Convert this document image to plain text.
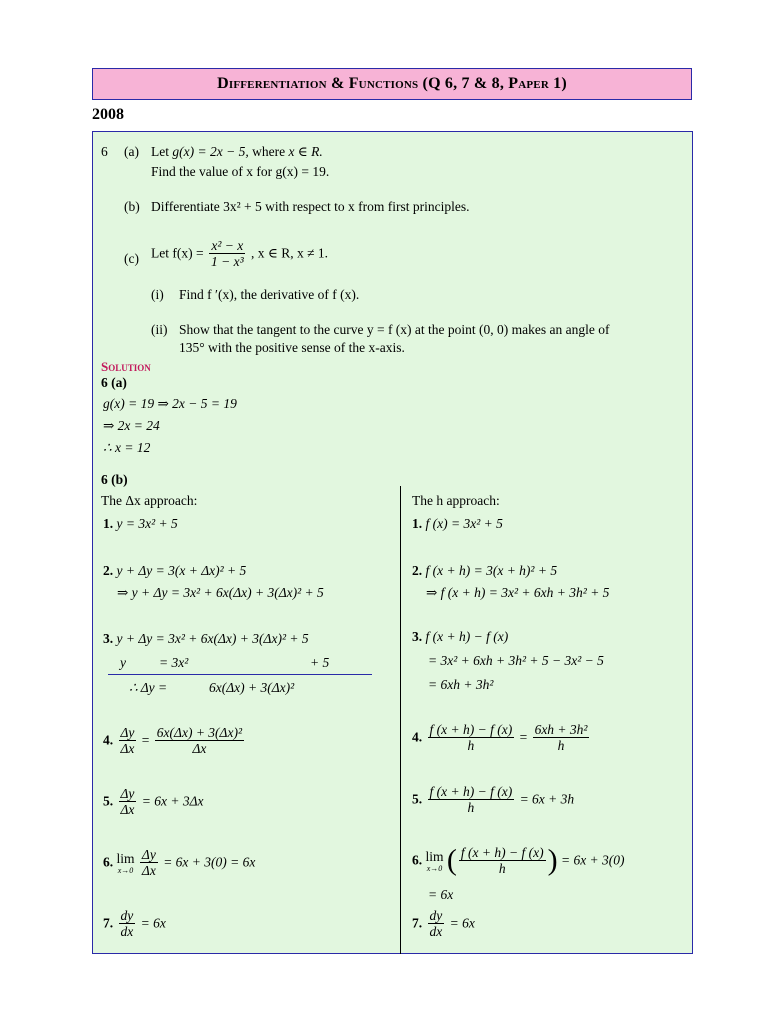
Differentiation & Functions (Q 6, 7 & 8, Paper 1)
2008
6 (a) Let g(x) = 2x − 5, where x ∈ R.
Find the value of x for g(x) = 19.
(b) Differentiate 3x² + 5 with respect to x from first principles.
(c) Let $f(x) = \frac{\text{x² − x}}{\text{1 − x³}}$ , x ∈ R, x ≠ 1.
(i) Find f ′(x), the derivative of f (x).
(ii) Show that the tangent to the curve y = f (x) at the point (0, 0) makes an angle of
135° with the positive sense of the x-axis.
Solution
6 (a)
g(x) = 19 ⇒ 2x − 5 = 19
⇒ 2x = 24
∴ x = 12
6 (b)
The Δx approach:	The h approach:
1. y = 3x² + 5
2. y + Δy = 3(x + Δx)² + 5
⇒ y + Δy = 3x² + 6x(Δx) + 3(Δx)² + 5
3. y + Δy = 3x² + 6x(Δx) + 3(Δx)² + 5
y = 3x²	+ 5
∴ Δy =	6x(Δx) + 3(Δx)²
4. $\frac{\Delta y}{\Delta x} = \frac{\text{6x(Δx) + 3(Δx)²}}{\Delta x}$
5. $\frac{\Delta y}{\Delta x} = 6x + 3\Delta x$
6. lim
x→0
$\frac{\Delta y}{\Delta x} = 6x + 3(0) = 6x$
7. $\frac{dy}{dx} = 6x$
1. f (x) = 3x² + 5
2. f (x + h) = 3(x + h)² + 5
⇒ f (x + h) = 3x² + 6xh + 3h² + 5
3. f (x + h) − f (x)
= 3x² + 6xh + 3h² + 5 − 3x² − 5
= 6xh + 3h²
4. $\frac{f (x + h) - f (x)}{h} = \frac{\text{6xh + 3h²}}{h}$
5. $\frac{f (x + h) - f (x)}{h} = 6x + 3h$
6. lim
x→0 ( $\frac{f (x + h) - f (x)}{h}$ ) = 6x + 3(0)
= 6x
7. $\frac{dy}{dx} = 6x$
